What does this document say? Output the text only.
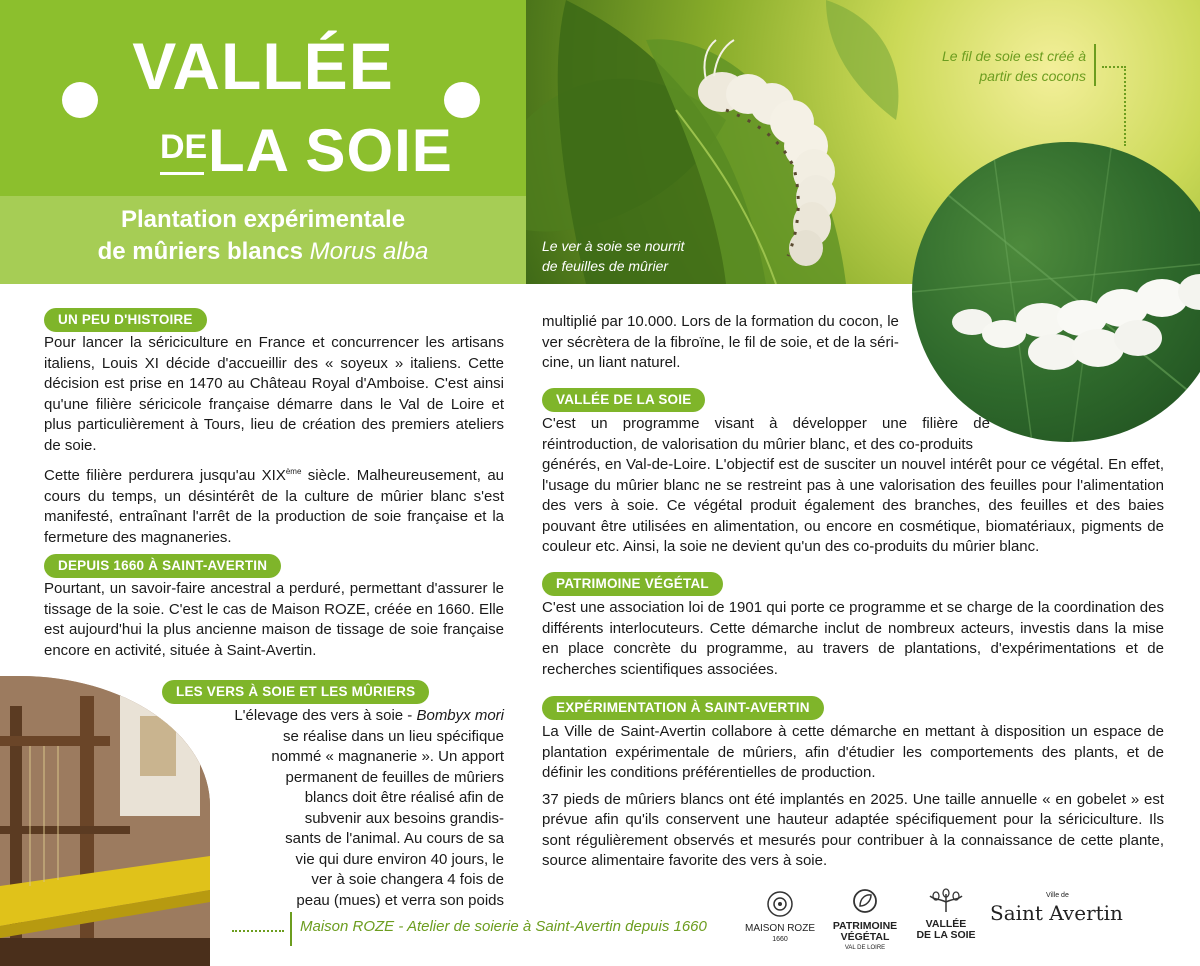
VALLÉE
DE LA SOIE
Plantation expérimentale
de mûriers blancs Morus alba	Le ver à soie se nourrit
de feuilles de mûrier
Le fil de soie est créé à
partir des cocons
UN PEU D'HISTOIRE

Pour lancer la sériciculture en France et concurrencer les artisans italiens, Louis XI décide d'accueillir des « soyeux » italiens. Cette décision est prise en 1470 au Château Royal d'Amboise. C'est ainsi qu'une filière séricicole française démarre dans le Val de Loire et plus particulièrement à Tours, lieu de création des premiers ateliers de soie.

Cette filière perdurera jusqu'au XIXème siècle. Malheureusement, au cours du temps, un désintérêt de la culture de mûrier blanc s'est manifesté, entraînant l'arrêt de la production de soie française et la fermeture des magnaneries.

DEPUIS 1660 À SAINT-AVERTIN

Pourtant, un savoir-faire ancestral a perduré, permettant d'assurer le tissage de la soie. C'est le cas de Maison ROZE, créée en 1660. Elle est aujourd'hui la plus ancienne maison de tissage de soie française encore en activité, située à Saint-Avertin.

LES VERS À SOIE ET LES MÛRIERS
L'élevage des vers à soie - Bombyx mori
se réalise dans un lieu spécifique
nommé « magnanerie ». Un apport
permanent de feuilles de mûriers
blancs doit être réalisé afin de
subvenir aux besoins grandis-
sants de l'animal. Au cours de sa
vie qui dure environ 40 jours, le
ver à soie changera 4 fois de
peau (mues) et verra son poids
multiplié par 10.000. Lors de la formation du cocon, le
ver sécrètera de la fibroïne, le fil de soie, et de la séri-
cine, un liant naturel.
VALLÉE DE LA SOIE
C'est un programme visant à développer une filière de
réintroduction, de valorisation du mûrier blanc, et des co-produits
générés, en Val-de-Loire. L'objectif est de susciter un nouvel intérêt pour ce végétal. En effet, l'usage du mûrier blanc ne se restreint pas à une valorisation des feuilles pour l'alimentation des vers à soie. Ce végétal produit également des branches, des feuilles et des baies pouvant être utilisées en alimentation, ou encore en cosmétique, biomatériaux, pigments de couleur etc. Ainsi, la soie ne devient qu'un des co-produits du mûrier blanc.
PATRIMOINE VÉGÉTAL

C'est une association loi de 1901 qui porte ce programme et se charge de la coordination des différents interlocuteurs. Cette démarche inclut de nombreux acteurs, investis dans la mise en place concrète du programme, au travers de plantations, d'expérimentations et de recherches scientifiques associées.

EXPÉRIMENTATION À SAINT-AVERTIN

La Ville de Saint-Avertin collabore à cette démarche en mettant à disposition un espace de plantation expérimentale de mûriers, afin d'étudier les comportements des plants, et de définir les conditions préférentielles de production.

37 pieds de mûriers blancs ont été implantés en 2025. Une taille annuelle « en gobelet » est prévue afin qu'ils conservent une hauteur adaptée spécifiquement pour la sériciculture. Ils sont régulièrement observés et mesurés pour contribuer à la connaissance de cette plante, source alimentaire favorite des vers à soie.

Maison ROZE - Atelier de soierie à Saint-Avertin depuis 1660	MAISON ROZE
1660
PATRIMOINE
VÉGÉTAL
VAL DE LOIRE
VALLÉE
DE LA SOIE
Ville de
Saint Avertin
